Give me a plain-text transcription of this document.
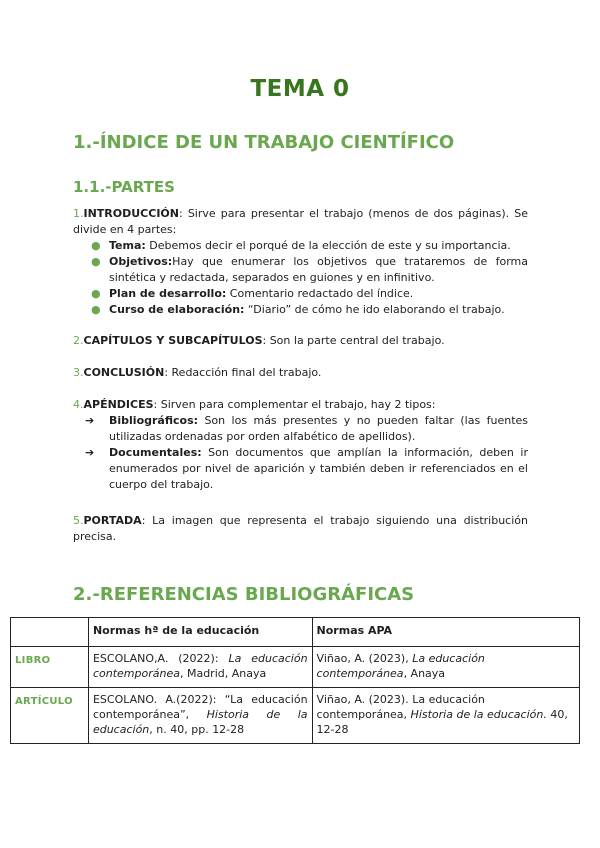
TEMA 0
1.-ÍNDICE DE UN TRABAJO CIENTÍFICO
1.1.-PARTES

1.INTRODUCCIÓN: Sirve para presentar el trabajo (menos de dos páginas). Se divide en 4 partes:

● Tema: Debemos decir el porqué de la elección de este y su importancia.
● Objetivos:Hay que enumerar los objetivos que trataremos de forma sintética y redactada, separados en guiones y en infinitivo.
● Plan de desarrollo: Comentario redactado del índice.
● Curso de elaboración: “Diario” de cómo he ido elaborando el trabajo.

2.CAPÍTULOS Y SUBCAPÍTULOS: Son la parte central del trabajo.

3.CONCLUSIÓN: Redacción final del trabajo.

4.APÉNDICES: Sirven para complementar el trabajo, hay 2 tipos:

➔ Bibliográficos: Son los más presentes y no pueden faltar (las fuentes utilizadas ordenadas por orden alfabético de apellidos).
➔ Documentales: Son documentos que amplían la información, deben ir enumerados por nivel de aparición y también deben ir referenciados en el cuerpo del trabajo.

5.PORTADA: La imagen que representa el trabajo siguiendo una distribución precisa.

2.-REFERENCIAS BIBLIOGRÁFICAS
	Normas hª de la educación	Normas APA
LIBRO	ESCOLANO,A. (2022): La educación contemporánea, Madrid, Anaya	Viñao, A. (2023), La educación contemporánea, Anaya
ARTÍCULO	ESCOLANO. A.(2022): “La educación contemporánea”, Historia de la educación, n. 40, pp. 12-28	Viñao, A. (2023). La educación contemporánea, Historia de la educación. 40, 12-28
